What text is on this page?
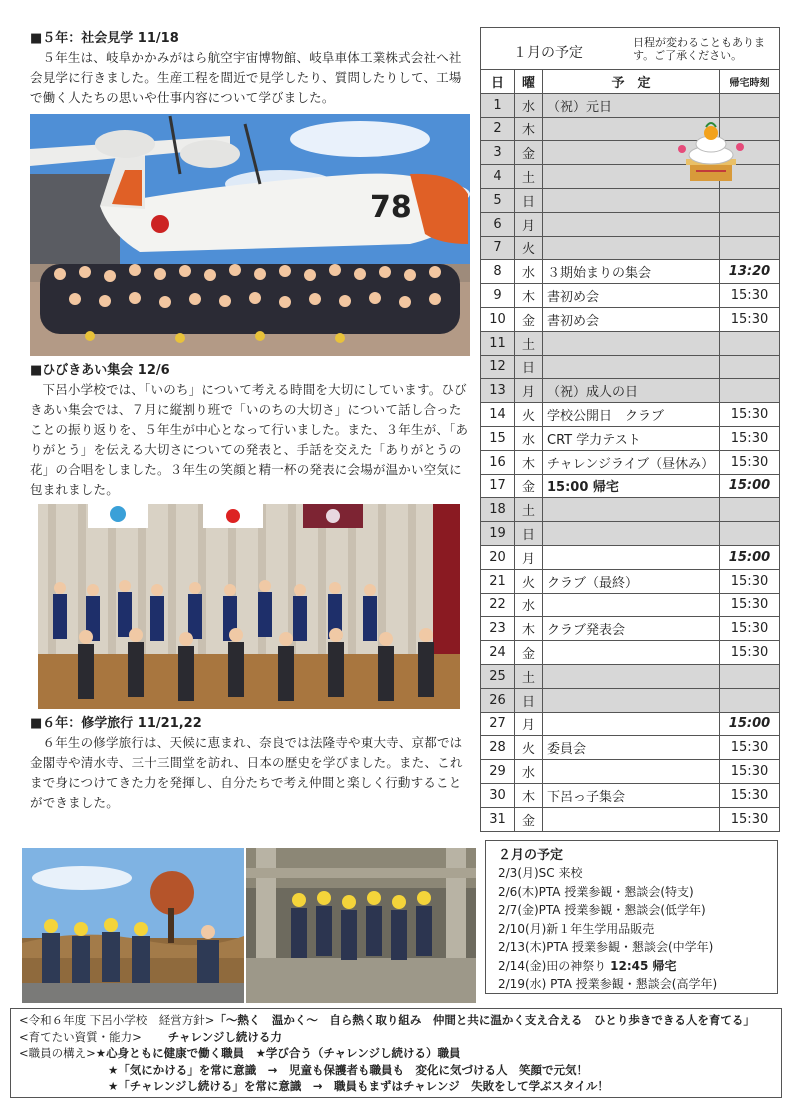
■５年：社会見学 11/18
５年生は、岐阜かかみがはら航空宇宙博物館、岐阜車体工業株式会社へ社会見学に行きました。生産工程を間近で見学したり、質問したりして、工場で働く人たちの思いや仕事内容について学びました。
78
■ひびきあい集会 12/6
下呂小学校では、「いのち」について考える時間を大切にしています。ひびきあい集会では、７月に縦割り班で「いのちの大切さ」について話し合ったことの振り返りを、５年生が中心となって行いました。また、３年生が、「ありがとう」を伝える大切さについての発表と、手話を交えた「ありがとうの花」の合唱をしました。３年生の笑顔と精一杯の発表に会場が温かい空気に包まれました。
■６年：修学旅行 11/21,22
６年生の修学旅行は、天候に恵まれ、奈良では法隆寺や東大寺、京都では金閣寺や清水寺、三十三間堂を訪れ、日本の歴史を学びました。また、これまで身につけてきた力を発揮し、自分たちで考え仲間と楽しく行動することができました。
１月の予定
日程が変わることもあります。ご了承ください。
日	曜	予　定	帰宅時刻
1	水	（祝）元日	
2	木		
3	金		
4	土		
5	日		
6	月		
7	火		
8	水	３期始まりの集会	13:20
9	木	書初め会	15:30
10	金	書初め会	15:30
11	土		
12	日		
13	月	（祝）成人の日	
14	火	学校公開日　クラブ	15:30
15	水	CRT 学力テスト	15:30
16	木	チャレンジライブ（昼休み）	15:30
17	金	15:00 帰宅	15:00
18	土		
19	日		
20	月		15:00
21	火	クラブ（最終）	15:30
22	水		15:30
23	木	クラブ発表会	15:30
24	金		15:30
25	土		
26	日		
27	月		15:00
28	火	委員会	15:30
29	水		15:30
30	木	下呂っ子集会	15:30
31	金		15:30
２月の予定
2/3(月)SC 来校
2/6(木)PTA 授業参観・懇談会(特支)
2/7(金)PTA 授業参観・懇談会(低学年)
2/10(月)新１年生学用品販売
2/13(木)PTA 授業参観・懇談会(中学年)
2/14(金)田の神祭り 12:45 帰宅
2/19(水) PTA 授業参観・懇談会(高学年)
<令和６年度 下呂小学校　経営方針>「～熱く　温かく～　自ら熱く取り組み　仲間と共に温かく支え合える　ひとり歩きできる人を育てる」
<育てたい資質・能力> チャレンジし続ける力
<職員の構え>★心身ともに健康で働く職員　★学び合う（チャレンジし続ける）職員
★「気にかける」を常に意識　→　児童も保護者も職員も　変化に気づける人　笑顔で元気！
★「チャレンジし続ける」を常に意識　→　職員もまずはチャレンジ　失敗をして学ぶスタイル！
